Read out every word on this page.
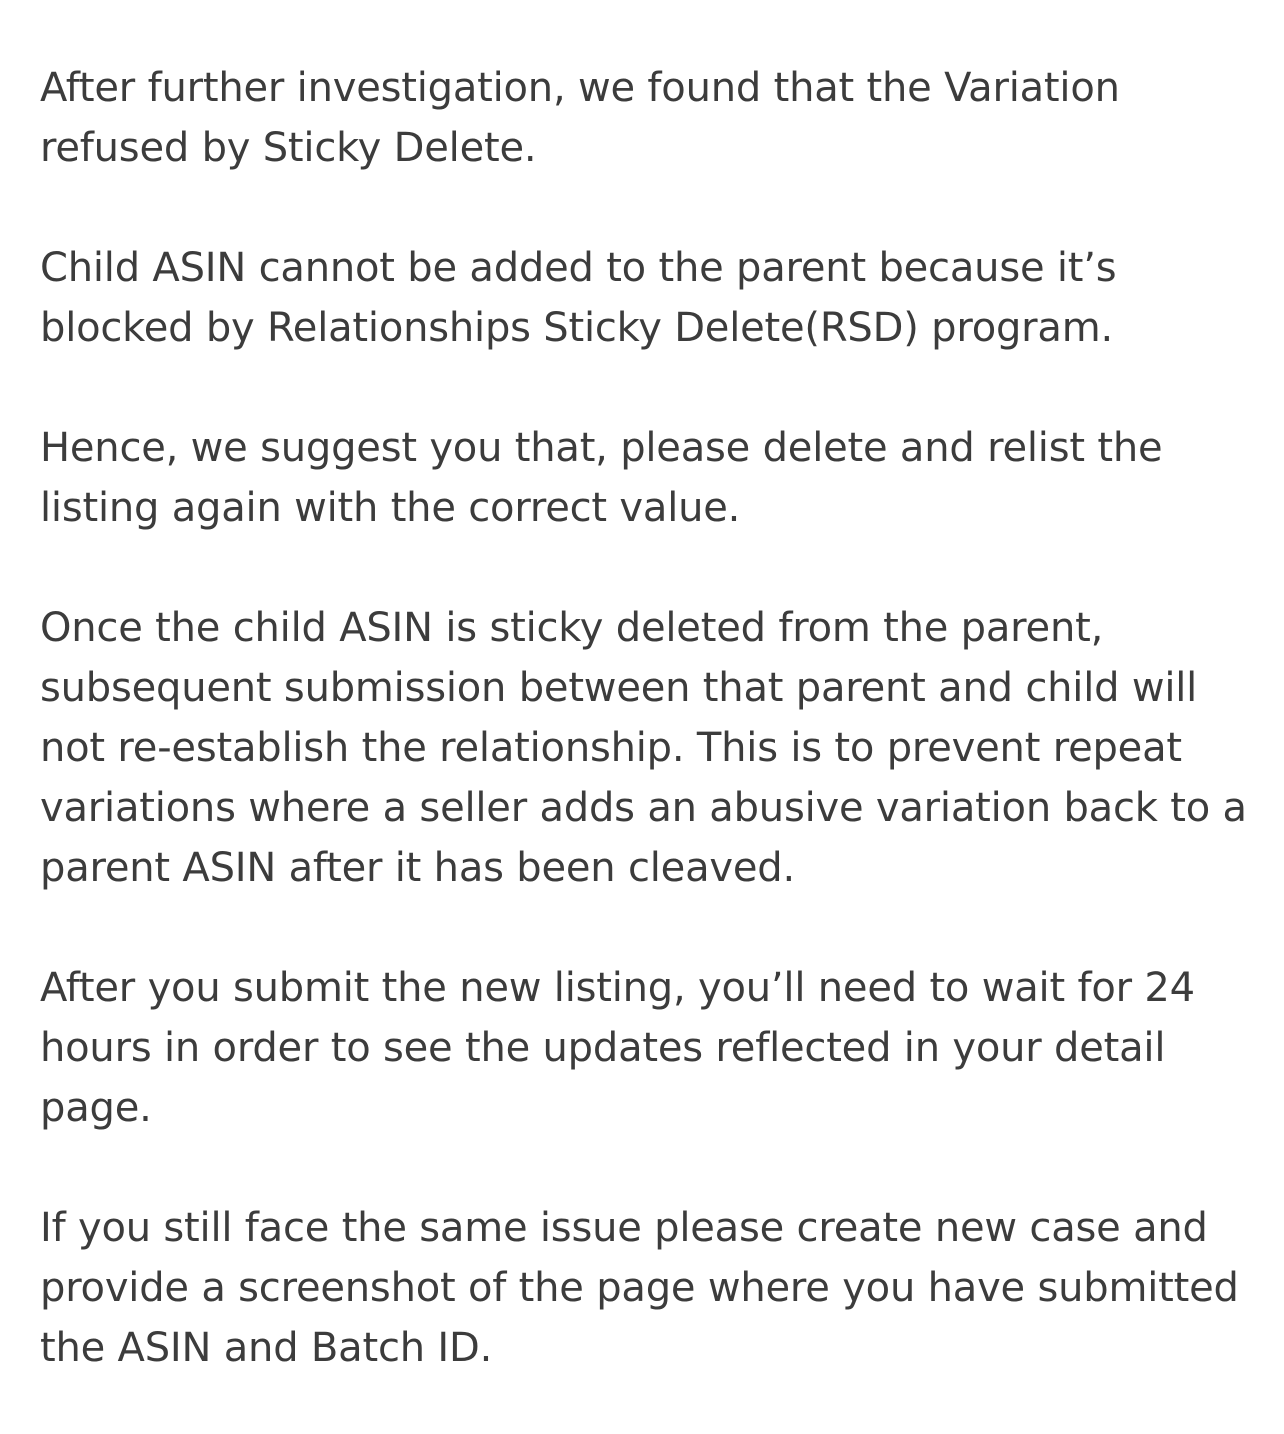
After further investigation, we found that the Variation refused by Sticky Delete.

Child ASIN cannot be added to the parent because it’s blocked by Relationships Sticky Delete(RSD) program.

Hence, we suggest you that, please delete and relist the listing again with the correct value.

Once the child ASIN is sticky deleted from the parent, subsequent submission between that parent and child will not re-establish the relationship. This is to prevent repeat variations where a seller adds an abusive variation back to a parent ASIN after it has been cleaved.

After you submit the new listing, you’ll need to wait for 24 hours in order to see the updates reflected in your detail page.

If you still face the same issue please create new case and provide a screenshot of the page where you have submitted the ASIN and Batch ID.
